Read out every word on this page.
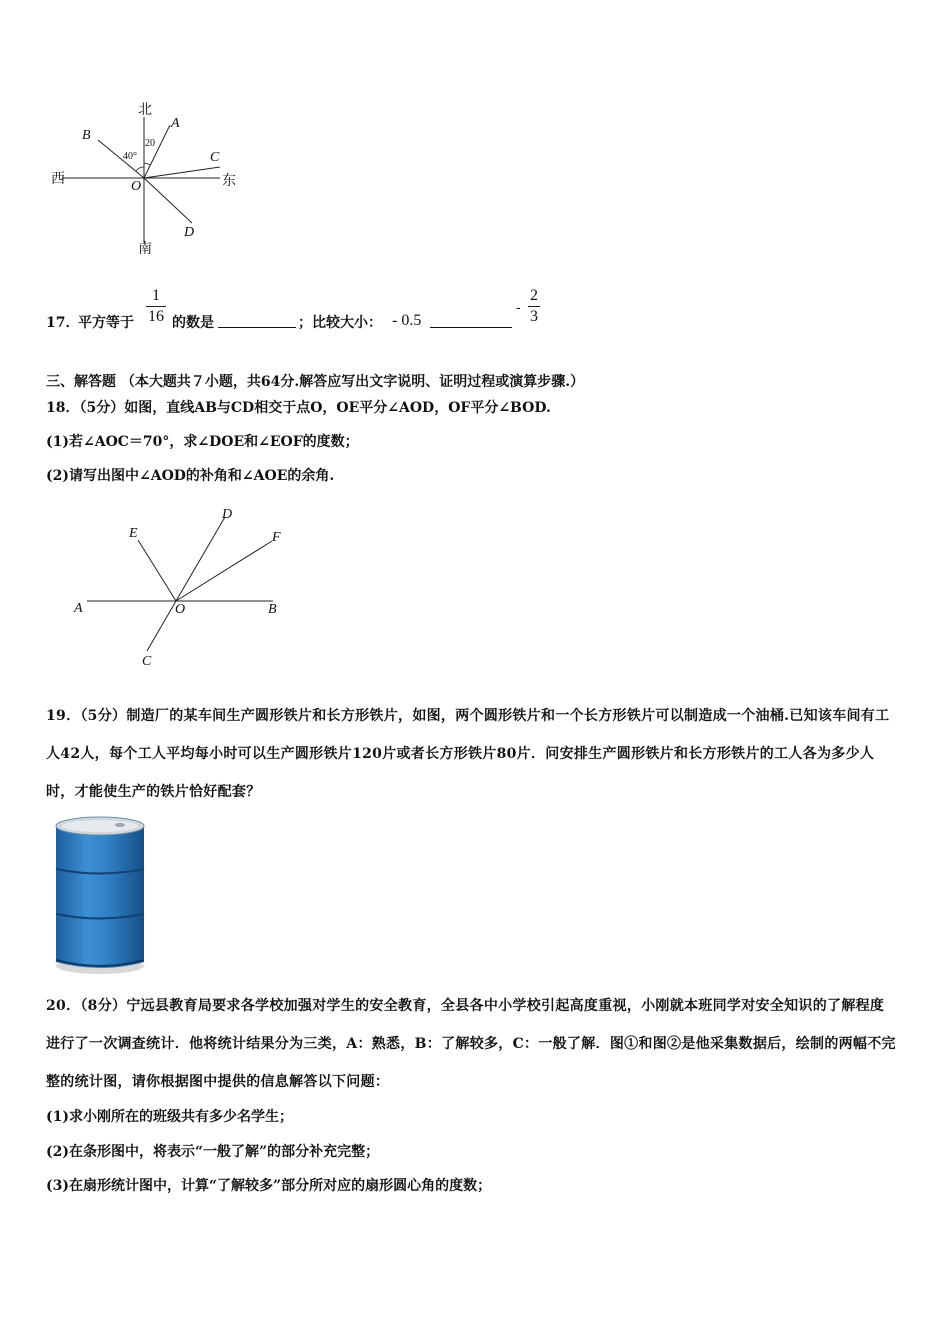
北
南
西	东
A
B
C
D
O
40°
20
17．
平方等于 $\frac{1}{16}$ 的数是	；比较大小： - 0.5
- $\frac{2}{3}$
三、解答题 （本大题共７小题，共64分.解答应写出文字说明、证明过程或演算步骤.）
18．（5分）如图，直线AB与CD相交于点O，OE平分∠AOD，OF平分∠BOD.
(1)若∠AOC＝70°，求∠DOE和∠EOF的度数；
(2)请写出图中∠AOD的补角和∠AOE的余角.
A	B
C
D
E	F
O
19．（5分）制造厂的某车间生产圆形铁片和长方形铁片，如图，两个圆形铁片和一个长方形铁片可以制造成一个油桶.已知该车间有工人42人，每个工人平均每小时可以生产圆形铁片120片或者长方形铁片80片．问安排生产圆形铁片和长方形铁片的工人各为多少人时，才能使生产的铁片恰好配套？
20．（8分）宁远县教育局要求各学校加强对学生的安全教育，全县各中小学校引起高度重视，小刚就本班同学对安全知识的了解程度进行了一次调查统计．他将统计结果分为三类，A：熟悉，B：了解较多，C：一般了解．图①和图②是他采集数据后，绘制的两幅不完整的统计图，请你根据图中提供的信息解答以下问题：
(1)求小刚所在的班级共有多少名学生；
(2)在条形图中，将表示“一般了解”的部分补充完整；
(3)在扇形统计图中，计算“了解较多”部分所对应的扇形圆心角的度数；
